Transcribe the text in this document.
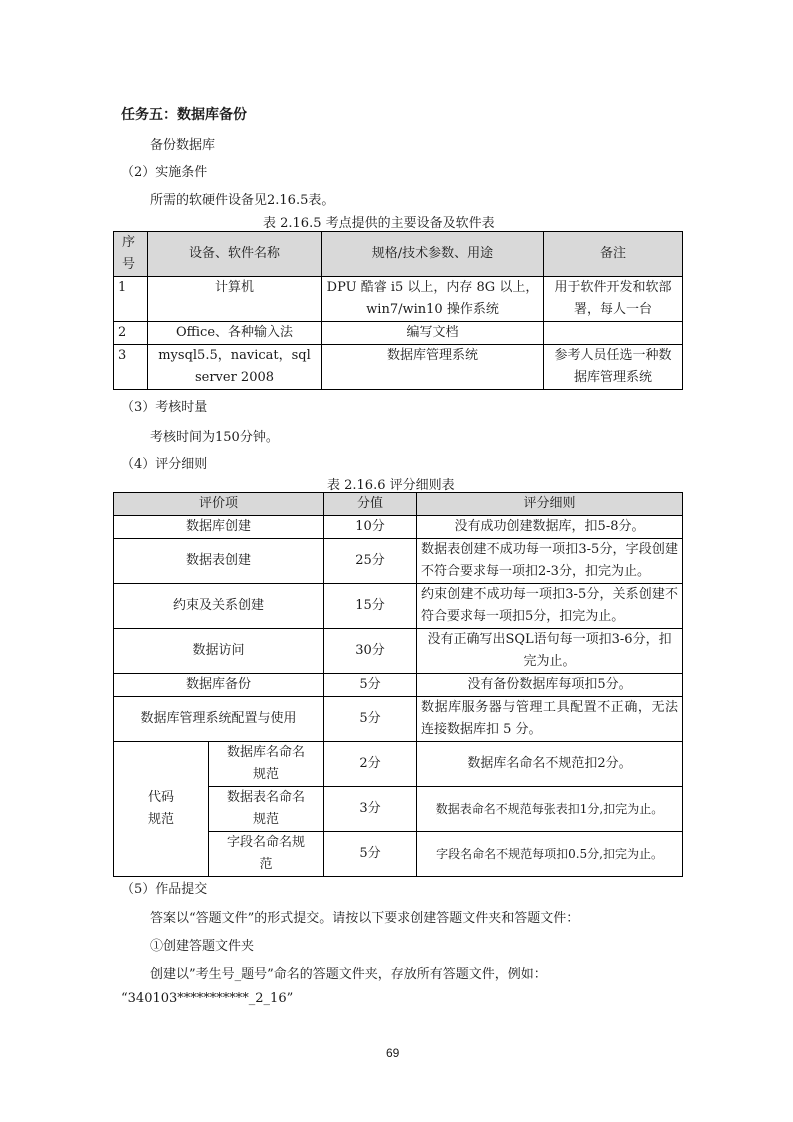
任务五：数据库备份
备份数据库
（2）实施条件
所需的软硬件设备见2.16.5表。
表 2.16.5 考点提供的主要设备及软件表
序号	设备、软件名称	规格/技术参数、用途	备注
1	计算机	DPU 酷睿 i5 以上，内存 8G 以上，win7/win10 操作系统	用于软件开发和软部署，每人一台
2	Office、各种输入法	编写文档	
3	mysql5.5，navicat，sql server 2008	数据库管理系统	参考人员任选一种数据库管理系统
（3）考核时量
考核时间为150分钟。
（4）评分细则
表 2.16.6 评分细则表
评价项		分值	评分细则
数据库创建		10分	没有成功创建数据库，扣5-8分。
数据表创建		25分	数据表创建不成功每一项扣3-5分，字段创建不符合要求每一项扣2-3分，扣完为止。
约束及关系创建		15分	约束创建不成功每一项扣3-5分，关系创建不符合要求每一项扣5分，扣完为止。
数据访问		30分	没有正确写出SQL语句每一项扣3-6分，扣完为止。
数据库备份		5分	没有备份数据库每项扣5分。
数据库管理系统配置与使用		5分	数据库服务器与管理工具配置不正确，无法连接数据库扣 5 分。
代码规范	数据库名命名规范	2分	数据库名命名不规范扣2分。
	数据表名命名规范	3分	数据表命名不规范每张表扣1分,扣完为止。
	字段名命名规范	5分	字段名命名不规范每项扣0.5分,扣完为止。
（5）作品提交
答案以“答题文件”的形式提交。请按以下要求创建答题文件夹和答题文件：
①创建答题文件夹
创建以”考生号_题号”命名的答题文件夹，存放所有答题文件，例如：
“340103***********_2_16”
69
